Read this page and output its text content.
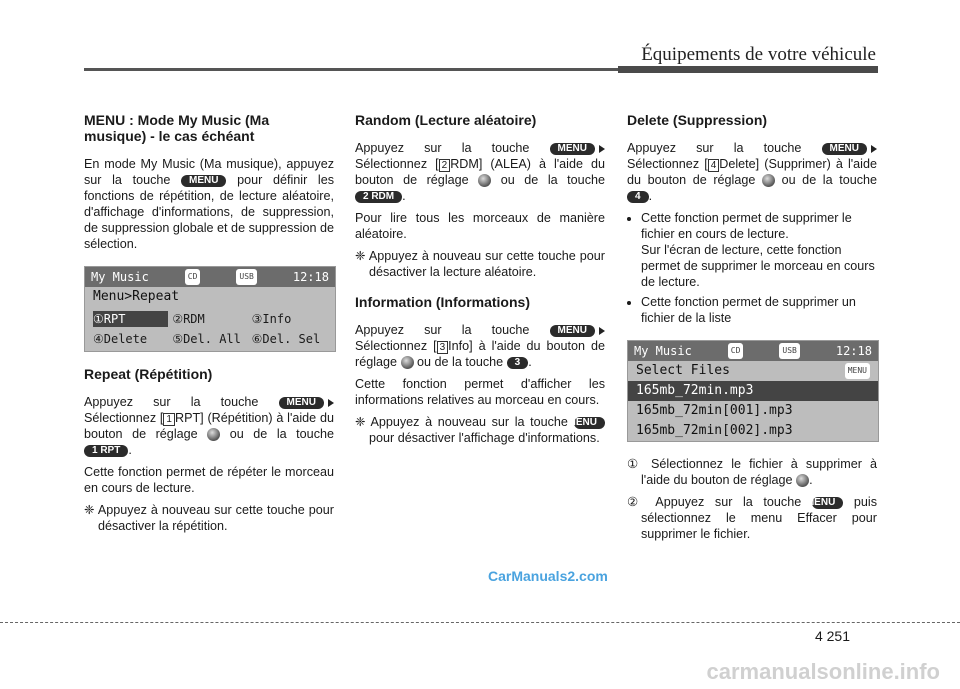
Équipements de votre véhicule
MENU : Mode My Music (Ma musique) - le cas échéant

En mode My Music (Ma musique), appuyez sur la touche MENU pour définir les fonctions de répétition, de lecture aléatoire, d'affichage d'informations, de suppression, de suppression globale et de suppression de sélection.

My Music	CD	USB	12:18
Menu>Repeat
①RPT	②RDM	③Info
④Delete	⑤Del. All ⑥Del. Sel
Repeat (Répétition)

Appuyez sur la touche	MENU Sélectionnez [ 1 RPT] (Répétition) à l'aide du bouton de réglage	ou de la touche 1 RPT .

Cette fonction permet de répéter le morceau en cours de lecture.

❈ Appuyez à nouveau sur cette touche pour désactiver la répétition.

Random (Lecture aléatoire)

Appuyez sur la touche	MENU Sélectionnez [ 2 RDM] (ALEA) à l'aide du bouton de réglage	ou de la touche 2 RDM .

Pour lire tous les morceaux de manière aléatoire.

❈ Appuyez à nouveau sur cette touche pour désactiver la lecture aléatoire.

Information (Informations)

Appuyez sur la touche	MENU Sélectionnez [ 3 Info] à l'aide du bouton de réglage ou de la touche 3 .

Cette fonction permet d'afficher les informations relatives au morceau en cours.

❈ Appuyez à nouveau sur la touche MENU pour désactiver l'affichage d'informations.

Delete (Suppression)

Appuyez sur la touche	MENU Sélectionnez [ 4 Delete] (Supprimer) à l'aide du bouton de réglage ou de la touche 4 .

• Cette fonction permet de supprimer le fichier en cours de lecture.
Sur l'écran de lecture, cette fonction permet de supprimer le morceau en cours de lecture.
• Cette fonction permet de supprimer un fichier de la liste
My Music	CD	USB	12:18
Select Files	MENU
165mb_72min.mp3
165mb_72min[001].mp3
165mb_72min[002].mp3

① Sélectionnez le fichier à supprimer à l'aide du bouton de réglage .

② Appuyez sur la touche MENU puis sélectionnez le menu Effacer pour supprimer le fichier.

CarManuals2.com
4 251
carmanualsonline.info
